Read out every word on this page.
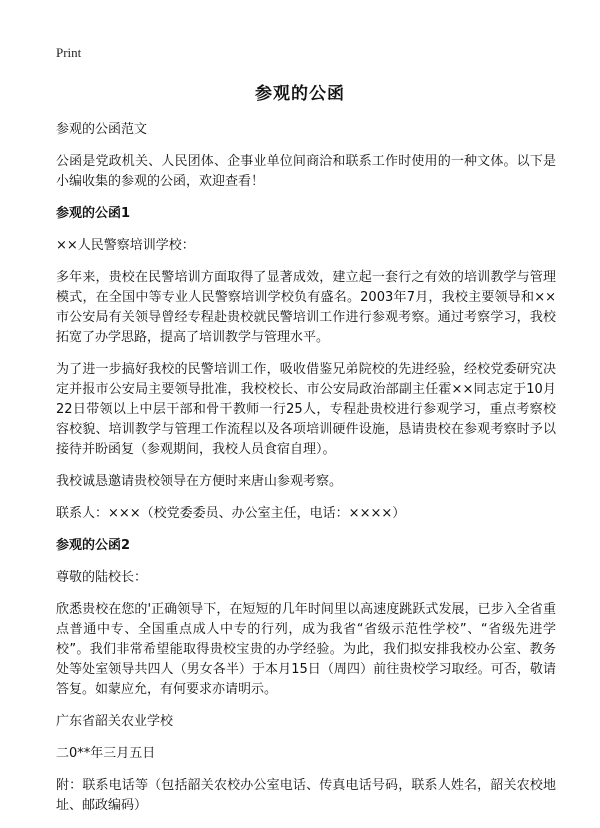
Print
参观的公函

参观的公函范文

公函是党政机关、人民团体、企事业单位间商洽和联系工作时使用的一种文体。以下是小编收集的参观的公函，欢迎查看！

参观的公函1

××人民警察培训学校：

多年来，贵校在民警培训方面取得了显著成效，建立起一套行之有效的培训教学与管理模式，在全国中等专业人民警察培训学校负有盛名。2003年7月，我校主要领导和××市公安局有关领导曾经专程赴贵校就民警培训工作进行参观考察。通过考察学习，我校拓宽了办学思路，提高了培训教学与管理水平。

为了进一步搞好我校的民警培训工作，吸收借鉴兄弟院校的先进经验，经校党委研究决定并报市公安局主要领导批准，我校校长、市公安局政治部副主任霍××同志定于10月22日带领以上中层干部和骨干教师一行25人，专程赴贵校进行参观学习，重点考察校容校貌、培训教学与管理工作流程以及各项培训硬件设施，恳请贵校在参观考察时予以接待并盼函复（参观期间，我校人员食宿自理）。

我校诚恳邀请贵校领导在方便时来唐山参观考察。

联系人：×××（校党委委员、办公室主任，电话：××××）

参观的公函2

尊敬的陆校长：

欣悉贵校在您的'正确领导下，在短短的几年时间里以高速度跳跃式发展，已步入全省重点普通中专、全国重点成人中专的行列，成为我省“省级示范性学校”、“省级先进学校”。我们非常希望能取得贵校宝贵的办学经验。为此，我们拟安排我校办公室、教务处等处室领导共四人（男女各半）于本月15日（周四）前往贵校学习取经。可否，敬请答复。如蒙应允，有何要求亦请明示。

广东省韶关农业学校

二0**年三月五日

附：联系电话等（包括韶关农校办公室电话、传真电话号码，联系人姓名，韶关农校地址、邮政编码）
